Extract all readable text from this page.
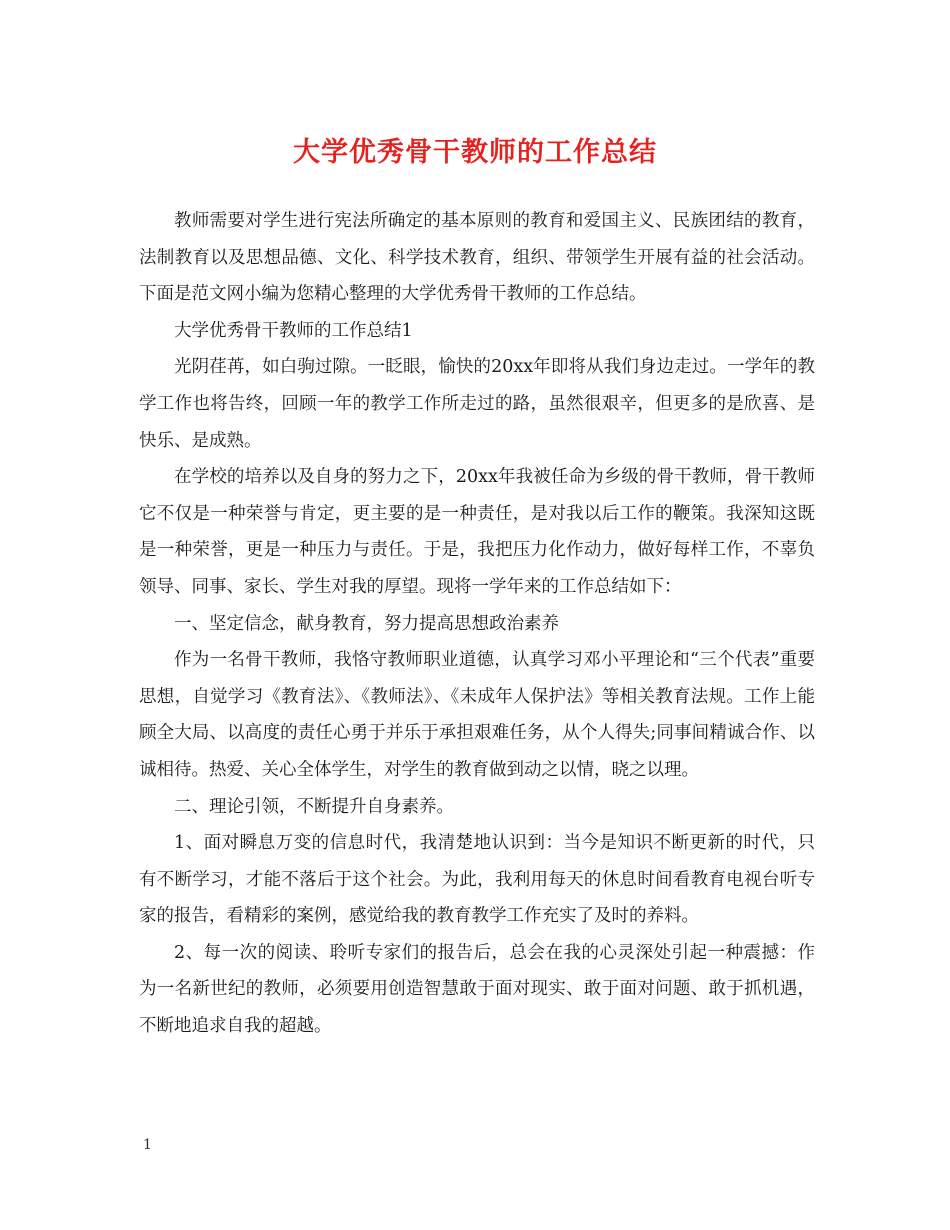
大学优秀骨干教师的工作总结

教师需要对学生进行宪法所确定的基本原则的教育和爱国主义、民族团结的教育，法制教育以及思想品德、文化、科学技术教育，组织、带领学生开展有益的社会活动。下面是范文网小编为您精心整理的大学优秀骨干教师的工作总结。

大学优秀骨干教师的工作总结1

光阴荏苒，如白驹过隙。一眨眼，愉快的20xx年即将从我们身边走过。一学年的教学工作也将告终，回顾一年的教学工作所走过的路，虽然很艰辛，但更多的是欣喜、是快乐、是成熟。

在学校的培养以及自身的努力之下，20xx年我被任命为乡级的骨干教师，骨干教师它不仅是一种荣誉与肯定，更主要的是一种责任，是对我以后工作的鞭策。我深知这既是一种荣誉，更是一种压力与责任。于是，我把压力化作动力，做好每样工作，不辜负领导、同事、家长、学生对我的厚望。现将一学年来的工作总结如下：

一、坚定信念，献身教育，努力提高思想政治素养

作为一名骨干教师，我恪守教师职业道德，认真学习邓小平理论和“三个代表”重要思想，自觉学习《教育法》、《教师法》、《未成年人保护法》等相关教育法规。工作上能顾全大局、以高度的责任心勇于并乐于承担艰难任务，从个人得失;同事间精诚合作、以诚相待。热爱、关心全体学生，对学生的教育做到动之以情，晓之以理。

二、理论引领，不断提升自身素养。

1、面对瞬息万变的信息时代，我清楚地认识到：当今是知识不断更新的时代，只有不断学习，才能不落后于这个社会。为此，我利用每天的休息时间看教育电视台听专家的报告，看精彩的案例，感觉给我的教育教学工作充实了及时的养料。

2、每一次的阅读、聆听专家们的报告后，总会在我的心灵深处引起一种震撼：作为一名新世纪的教师，必须要用创造智慧敢于面对现实、敢于面对问题、敢于抓机遇，不断地追求自我的超越。

1
